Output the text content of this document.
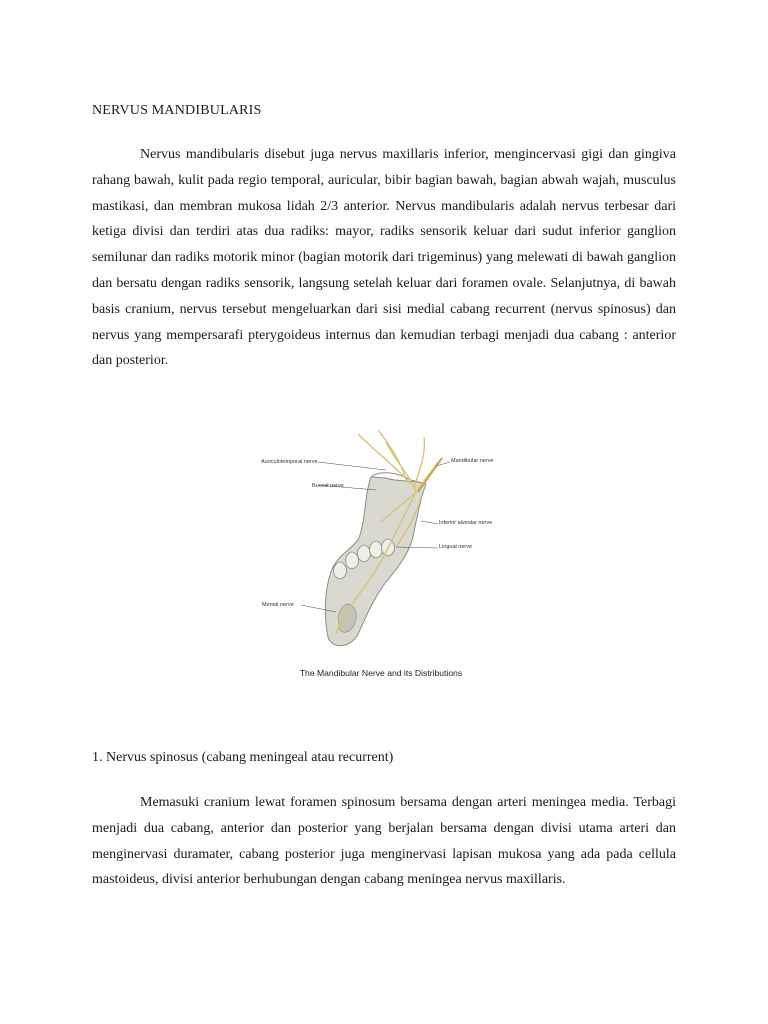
NERVUS MANDIBULARIS

Nervus mandibularis disebut juga nervus maxillaris inferior, mengincervasi gigi dan gingiva rahang bawah, kulit pada regio temporal, auricular, bibir bagian bawah, bagian abwah wajah, musculus mastikasi, dan membran mukosa lidah 2/3 anterior. Nervus mandibularis adalah nervus terbesar dari ketiga divisi dan terdiri atas dua radiks: mayor, radiks sensorik keluar dari sudut inferior ganglion semilunar dan radiks motorik minor (bagian motorik dari trigeminus) yang melewati di bawah ganglion dan bersatu dengan radiks sensorik, langsung setelah keluar dari foramen ovale. Selanjutnya, di bawah basis cranium, nervus tersebut mengeluarkan dari sisi medial cabang recurrent (nervus spinosus) dan nervus yang mempersarafi pterygoideus internus dan kemudian terbagi menjadi dua cabang : anterior dan posterior.

Auriculotemporal nerve
Buccal nerve
Mandibular nerve
Inferior alveolar nerve
Lingual nerve
Mental nerve
The Mandibular Nerve and its Distributions
1. Nervus spinosus (cabang meningeal atau recurrent)

Memasuki cranium lewat foramen spinosum bersama dengan arteri meningea media. Terbagi menjadi dua cabang, anterior dan posterior yang berjalan bersama dengan divisi utama arteri dan menginervasi duramater, cabang posterior juga menginervasi lapisan mukosa yang ada pada cellula mastoideus, divisi anterior berhubungan dengan cabang meningea nervus maxillaris.
